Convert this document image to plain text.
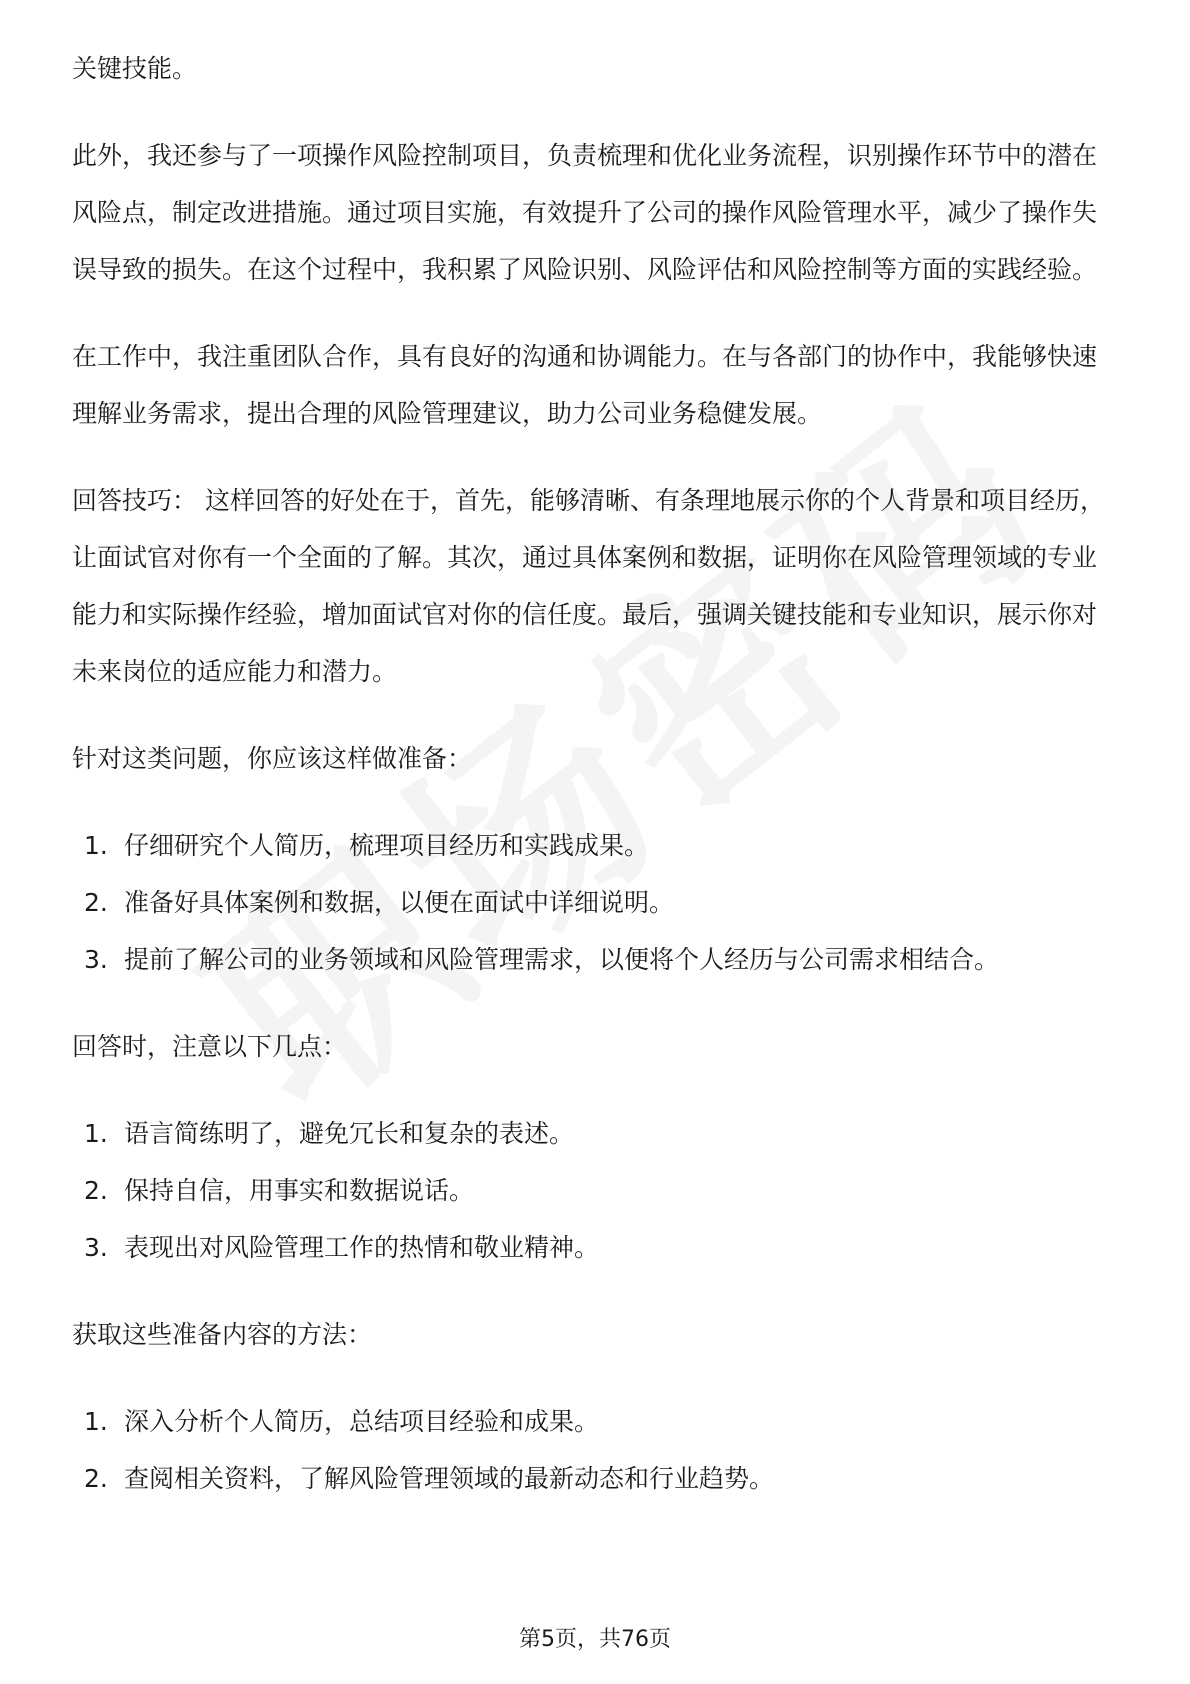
关键技能。

此外，我还参与了一项操作风险控制项目，负责梳理和优化业务流程，识别操作环节中的潜在风险点，制定改进措施。通过项目实施，有效提升了公司的操作风险管理水平，减少了操作失误导致的损失。在这个过程中，我积累了风险识别、风险评估和风险控制等方面的实践经验。

在工作中，我注重团队合作，具有良好的沟通和协调能力。在与各部门的协作中，我能够快速理解业务需求，提出合理的风险管理建议，助力公司业务稳健发展。

回答技巧： 这样回答的好处在于，首先，能够清晰、有条理地展示你的个人背景和项目经历，让面试官对你有一个全面的了解。其次，通过具体案例和数据，证明你在风险管理领域的专业能力和实际操作经验，增加面试官对你的信任度。最后，强调关键技能和专业知识，展示你对未来岗位的适应能力和潜力。

针对这类问题，你应该这样做准备：

1. 仔细研究个人简历，梳理项目经历和实践成果。
2. 准备好具体案例和数据，以便在面试中详细说明。
3. 提前了解公司的业务领域和风险管理需求，以便将个人经历与公司需求相结合。

回答时，注意以下几点：

1. 语言简练明了，避免冗长和复杂的表述。
2. 保持自信，用事实和数据说话。
3. 表现出对风险管理工作的热情和敬业精神。

获取这些准备内容的方法：

1. 深入分析个人简历，总结项目经验和成果。
2. 查阅相关资料，了解风险管理领域的最新动态和行业趋势。
第5页，共76页
